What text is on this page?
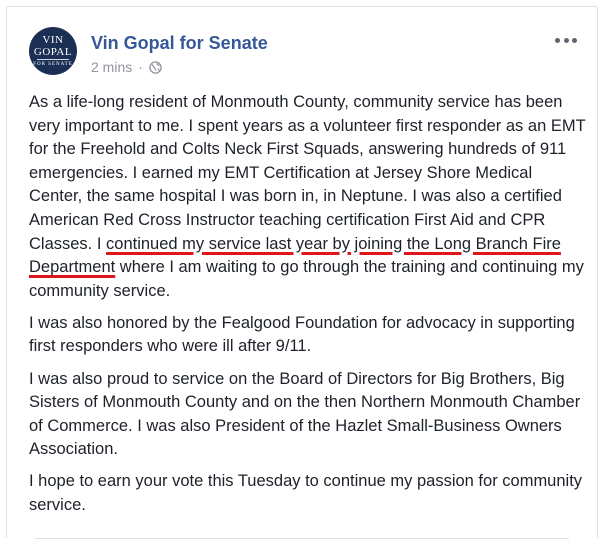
VIN
GOPAL
FOR SENATE
Vin Gopal for Senate
2 mins ·

As a life-long resident of Monmouth County, community service has been very important to me. I spent years as a volunteer first responder as an EMT for the Freehold and Colts Neck First Squads, answering hundreds of 911 emergencies. I earned my EMT Certification at Jersey Shore Medical Center, the same hospital I was born in, in Neptune. I was also a certified American Red Cross Instructor teaching certification First Aid and CPR Classes. I continued my service last year by joining the Long Branch Fire Department where I am waiting to go through the training and continuing my community service.

I was also honored by the Fealgood Foundation for advocacy in supporting first responders who were ill after 9/11.

I was also proud to service on the Board of Directors for Big Brothers, Big Sisters of Monmouth County and on the then Northern Monmouth Chamber of Commerce. I was also President of the Hazlet Small-Business Owners Association.

I hope to earn your vote this Tuesday to continue my passion for community service.
